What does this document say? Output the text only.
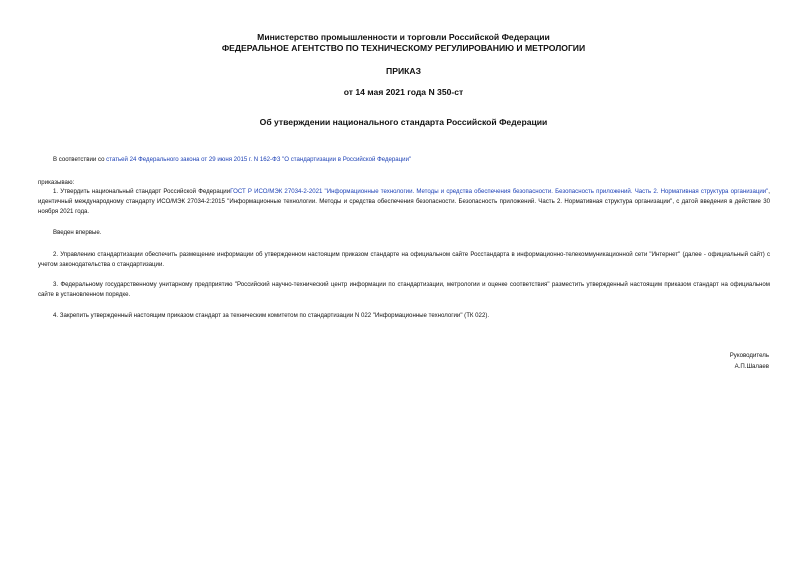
Министерство промышленности и торговли Российской Федерации
ФЕДЕРАЛЬНОЕ АГЕНТСТВО ПО ТЕХНИЧЕСКОМУ РЕГУЛИРОВАНИЮ И МЕТРОЛОГИИ
ПРИКАЗ
от 14 мая 2021 года N 350-ст
Об утверждении национального стандарта Российской Федерации
В соответствии со статьей 24 Федерального закона от 29 июня 2015 г. N 162-ФЗ "О стандартизации в Российской Федерации"
приказываю:
1. Утвердить национальный стандарт Российской ФедерацииГОСТ Р ИСО/МЭК 27034-2-2021 "Информационные технологии. Методы и средства обеспечения безопасности. Безопасность приложений. Часть 2. Нормативная структура организации", идентичный международному стандарту ИСО/МЭК 27034-2:2015 "Информационные технологии. Методы и средства обеспечения безопасности. Безопасность приложений. Часть 2. Нормативная структура организации", с датой введения в действие 30 ноября 2021 года.
Введен впервые.
2. Управлению стандартизации обеспечить размещение информации об утвержденном настоящим приказом стандарте на официальном сайте Росстандарта в информационно-телекоммуникационной сети "Интернет" (далее - официальный сайт) с учетом законодательства о стандартизации.
3. Федеральному государственному унитарному предприятию "Российский научно-технический центр информации по стандартизации, метрологии и оценке соответствия" разместить утвержденный настоящим приказом стандарт на официальном сайте в установленном порядке.
4. Закрепить утвержденный настоящим приказом стандарт за техническим комитетом по стандартизации N 022 "Информационные технологии" (ТК 022).
Руководитель
А.П.Шалаев
